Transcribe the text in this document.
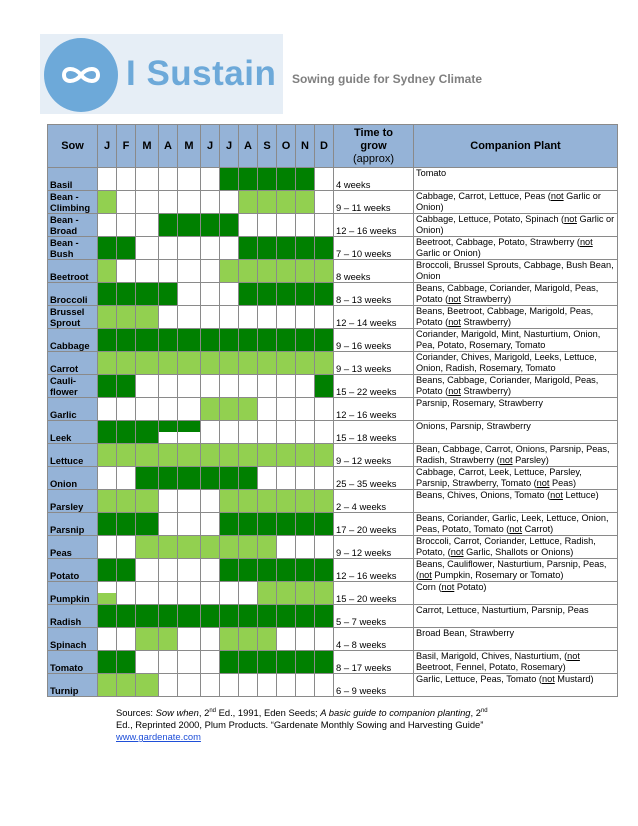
I Sustain Sowing guide for Sydney Climate
Sow	J	F	M	A	M	J	J	A	S	O	N	D	Time to
grow
(approx)	Companion Plant
Basil													4 weeks	Tomato
Bean - Climbing													9 – 11 weeks	Cabbage, Carrot, Lettuce, Peas (not Garlic or Onion)
Bean - Broad													12 – 16 weeks	Cabbage, Lettuce, Potato, Spinach (not Garlic or Onion)
Bean - Bush													7 – 10 weeks	Beetroot, Cabbage, Potato, Strawberry (not Garlic or Onion)
Beetroot													8 weeks	Broccoli, Brussel Sprouts, Cabbage, Bush Bean, Onion
Broccoli													8 – 13 weeks	Beans, Cabbage, Coriander, Marigold, Peas, Potato (not Strawberry)
Brussel Sprout													12 – 14 weeks	Beans, Beetroot, Cabbage, Marigold, Peas, Potato (not Strawberry)
Cabbage													9 – 16 weeks	Coriander, Marigold, Mint, Nasturtium, Onion, Pea, Potato, Rosemary, Tomato
Carrot													9 – 13 weeks	Coriander, Chives, Marigold, Leeks, Lettuce, Onion, Radish, Rosemary, Tomato
Cauli- flower													15 – 22 weeks	Beans, Cabbage, Coriander, Marigold, Peas, Potato (not Strawberry)
Garlic													12 – 16 weeks	Parsnip, Rosemary, Strawberry
Leek													15 – 18 weeks	Onions, Parsnip, Strawberry
Lettuce													9 – 12 weeks	Bean, Cabbage, Carrot, Onions, Parsnip, Peas, Radish, Strawberry (not Parsley)
Onion													25 – 35 weeks	Cabbage, Carrot, Leek, Lettuce, Parsley, Parsnip, Strawberry, Tomato (not Peas)
Parsley													2 – 4 weeks	Beans, Chives, Onions, Tomato (not Lettuce)
Parsnip													17 – 20 weeks	Beans, Coriander, Garlic, Leek, Lettuce, Onion, Peas, Potato, Tomato (not Carrot)
Peas													9 – 12 weeks	Broccoli, Carrot, Coriander, Lettuce, Radish, Potato, (not Garlic, Shallots or Onions)
Potato													12 – 16 weeks	Beans, Cauliflower, Nasturtium, Parsnip, Peas, (not Pumpkin, Rosemary or Tomato)
Pumpkin													15 – 20 weeks	Corn (not Potato)
Radish													5 – 7 weeks	Carrot, Lettuce, Nasturtium, Parsnip, Peas
Spinach													4 – 8 weeks	Broad Bean, Strawberry
Tomato													8 – 17 weeks	Basil, Marigold, Chives, Nasturtium, (not Beetroot, Fennel, Potato, Rosemary)
Turnip													6 – 9 weeks	Garlic, Lettuce, Peas, Tomato (not Mustard)
Sources: Sow when, 2nd Ed., 1991, Eden Seeds; A basic guide to companion planting, 2nd
Ed., Reprinted 2000, Plum Products. “Gardenate Monthly Sowing and Harvesting Guide”
www.gardenate.com
